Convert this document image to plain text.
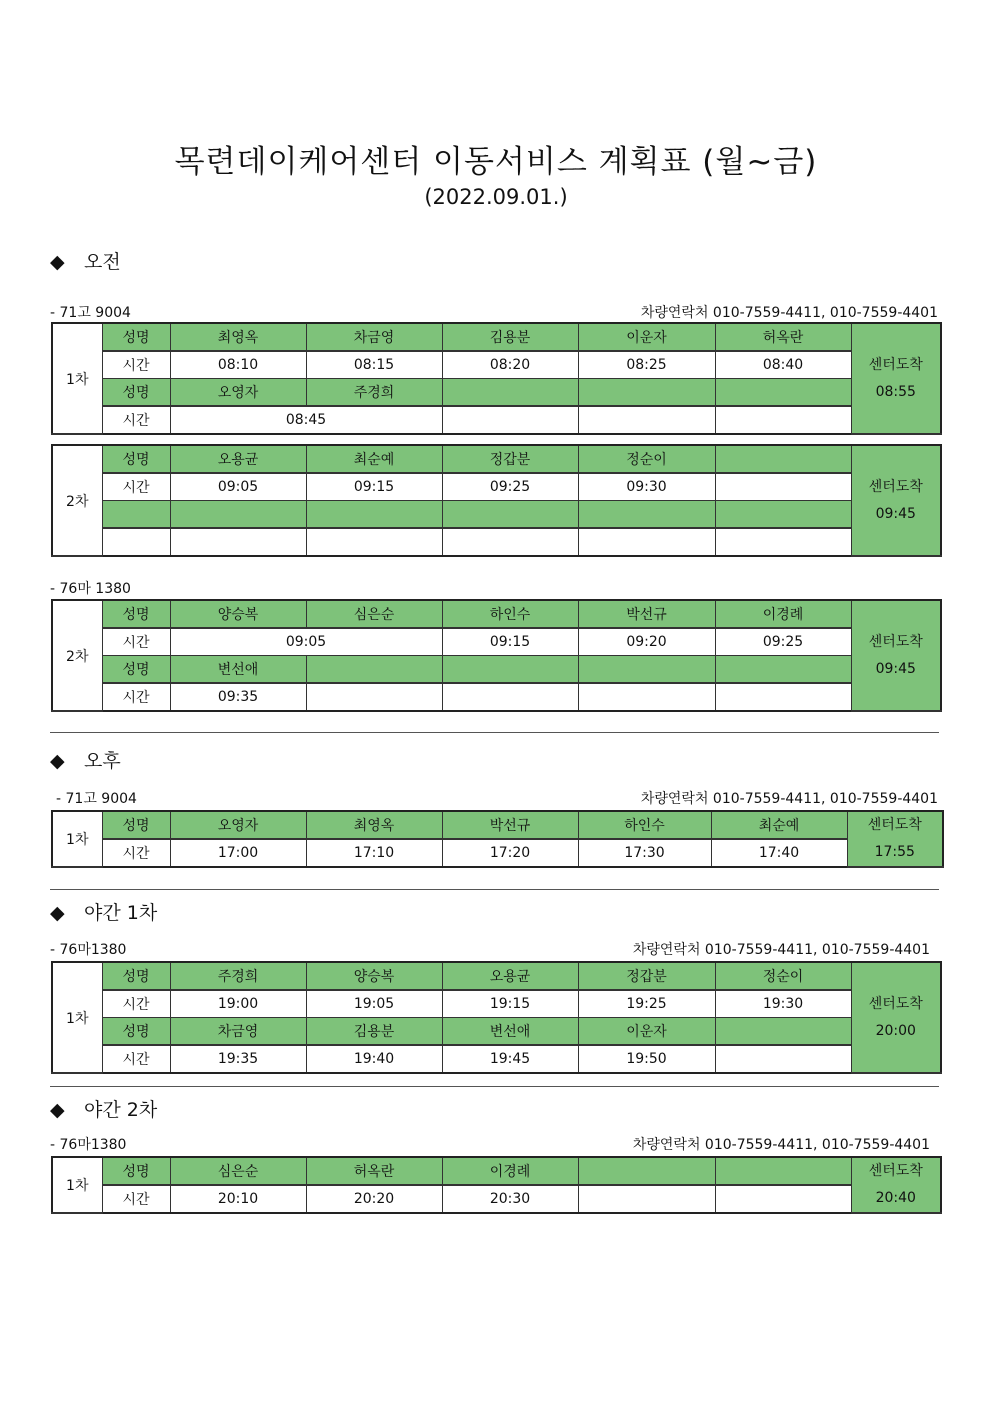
목련데이케어센터 이동서비스 계획표 (월~금)
(2022.09.01.)
◆ 오전
- 71고 9004	차량연락처 010-7559-4411, 010-7559-4401
1차	성명	최영옥	차금영	김용분	이운자	허옥란	센터도착
08:55

	시간	08:10	08:15	08:20	08:25	08:40	
	성명	오영자	주경희				
	시간	08:45					
2차	성명	오용균	최순예	정갑분	정순이		센터도착
09:45

	시간	09:05	09:15	09:25	09:30		

- 76마 1380
2차	성명	양승복	심은순	하인수	박선규	이경례	센터도착
09:45

	시간	09:05		09:15	09:20	09:25	
	성명	변선애					
	시간	09:35					
◆ 오후
- 71고 9004	차량연락처 010-7559-4411, 010-7559-4401
1차	성명	오영자	최영옥	박선규	하인수	최순예	센터도착
17:55

	시간	17:00	17:10	17:20	17:30	17:40	
◆ 야간 1차
- 76마1380	차량연락처 010-7559-4411, 010-7559-4401
1차	성명	주경희	양승복	오용균	정갑분	정순이	센터도착
20:00

	시간	19:00	19:05	19:15	19:25	19:30	
	성명	차금영	김용분	변선애	이운자		
	시간	19:35	19:40	19:45	19:50		
◆ 야간 2차
- 76마1380	차량연락처 010-7559-4411, 010-7559-4401
1차	성명	심은순	허옥란	이경례			센터도착
20:40

	시간	20:10	20:20	20:30			
